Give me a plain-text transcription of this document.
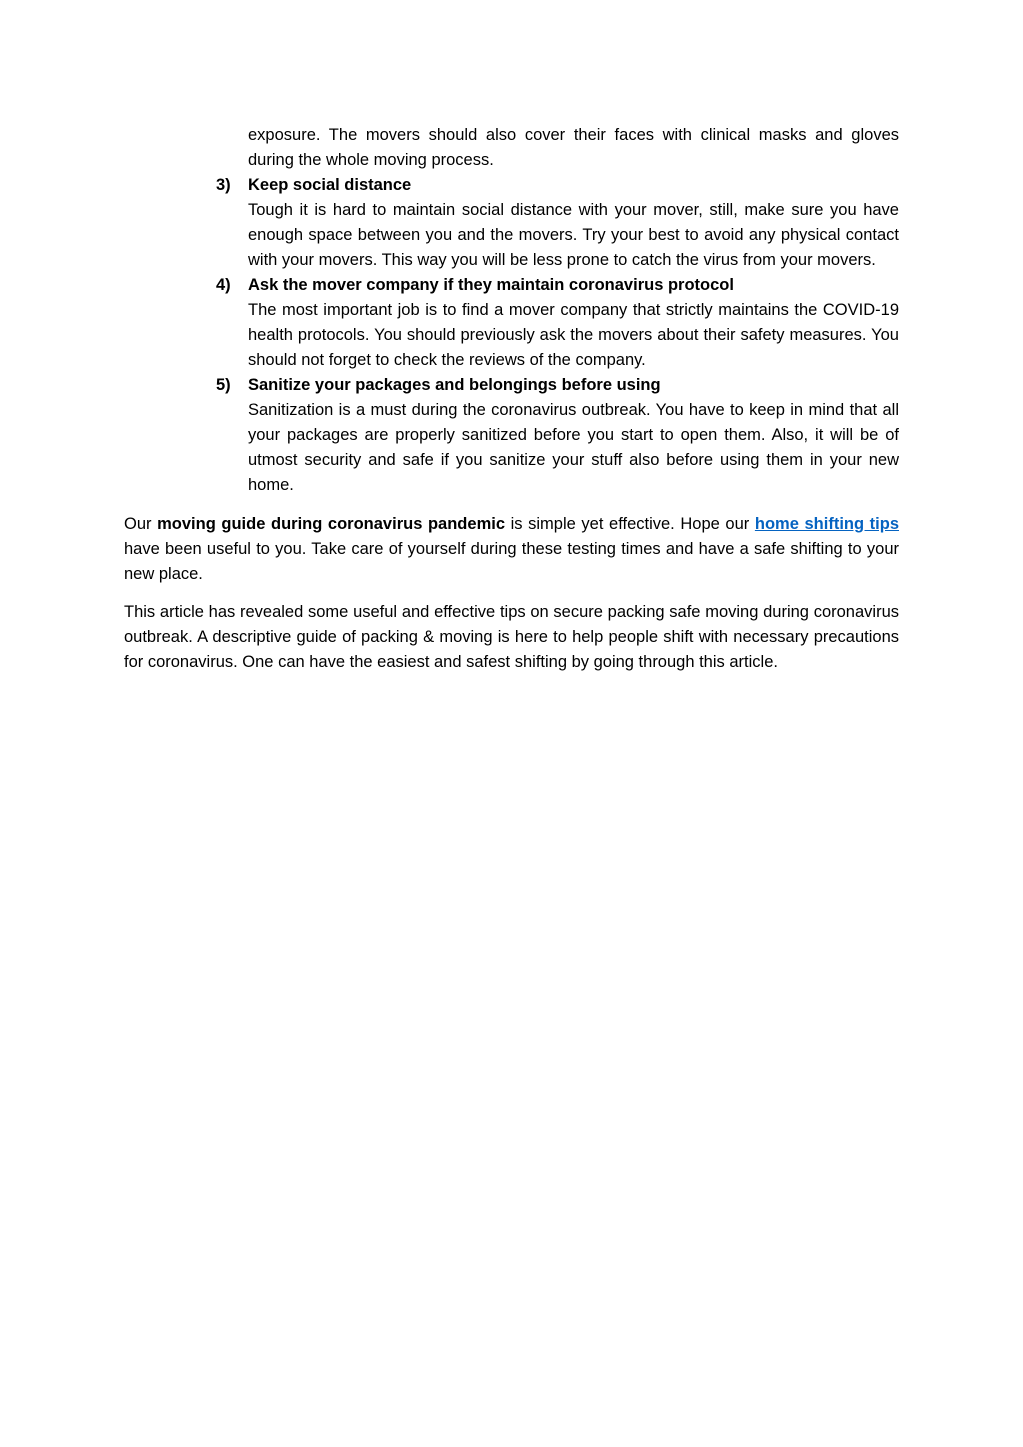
exposure. The movers should also cover their faces with clinical masks and gloves during the whole moving process.
3)	Keep social distance
Tough it is hard to maintain social distance with your mover, still, make sure you have enough space between you and the movers. Try your best to avoid any physical contact with your movers. This way you will be less prone to catch the virus from your movers.
4)	Ask the mover company if they maintain coronavirus protocol
The most important job is to find a mover company that strictly maintains the COVID-19 health protocols. You should previously ask the movers about their safety measures. You should not forget to check the reviews of the company.
5)	Sanitize your packages and belongings before using
Sanitization is a must during the coronavirus outbreak. You have to keep in mind that all your packages are properly sanitized before you start to open them. Also, it will be of utmost security and safe if you sanitize your stuff also before using them in your new home.

Our moving guide during coronavirus pandemic is simple yet effective. Hope our home shifting tips have been useful to you. Take care of yourself during these testing times and have a safe shifting to your new place.

This article has revealed some useful and effective tips on secure packing safe moving during coronavirus outbreak. A descriptive guide of packing & moving is here to help people shift with necessary precautions for coronavirus. One can have the easiest and safest shifting by going through this article.
